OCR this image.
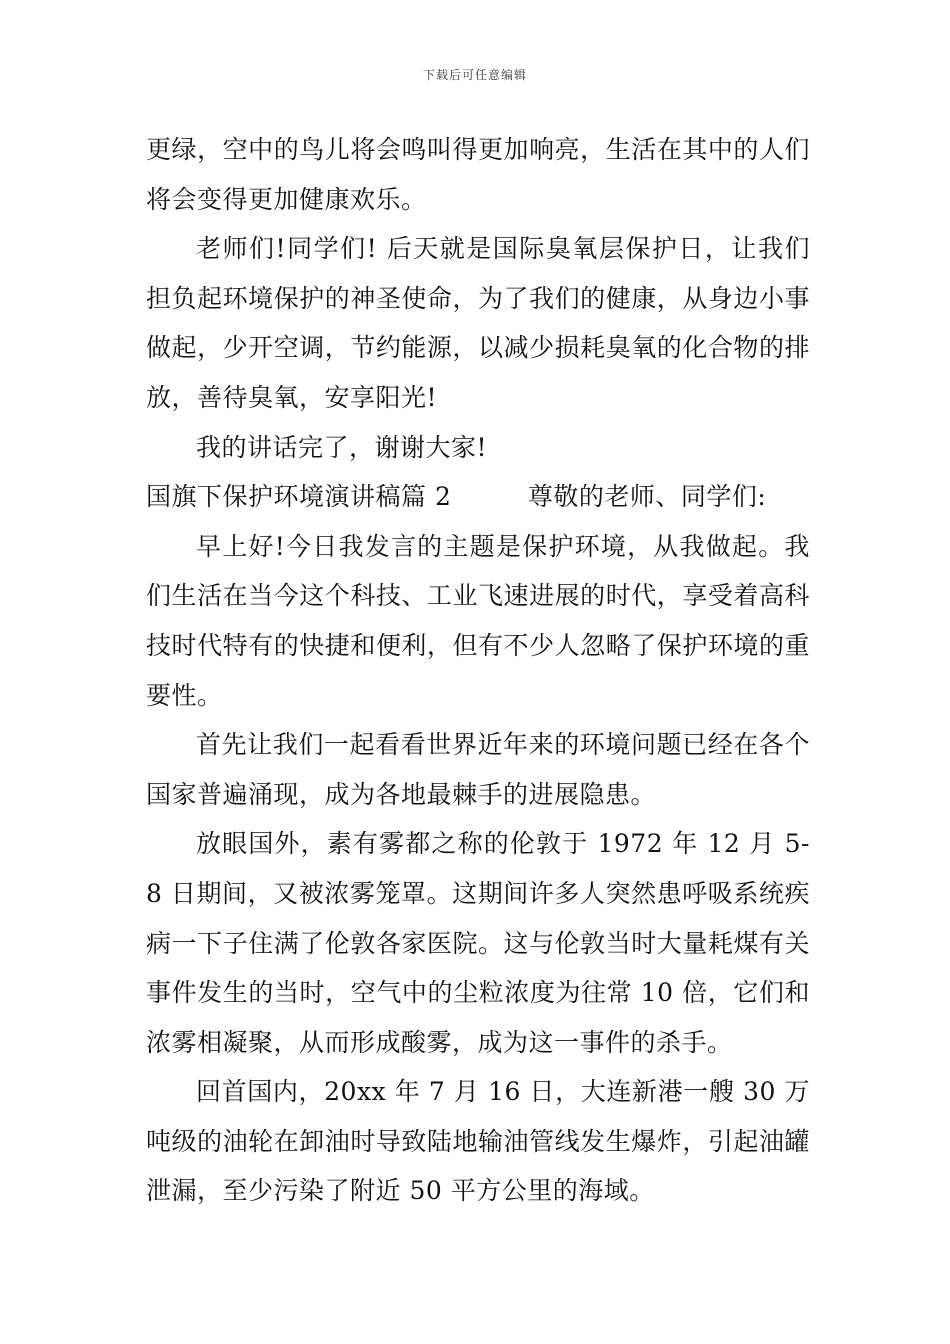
下载后可任意编辑

更绿，空中的鸟儿将会鸣叫得更加响亮，生活在其中的人们将会变得更加健康欢乐。

老师们!同学们! 后天就是国际臭氧层保护日，让我们担负起环境保护的神圣使命，为了我们的健康，从身边小事做起，少开空调，节约能源，以减少损耗臭氧的化合物的排放，善待臭氧，安享阳光!

我的讲话完了，谢谢大家!

国旗下保护环境演讲稿篇 2　　　尊敬的老师、同学们:

早上好!今日我发言的主题是保护环境，从我做起。我们生活在当今这个科技、工业飞速进展的时代，享受着高科技时代特有的快捷和便利，但有不少人忽略了保护环境的重要性。

首先让我们一起看看世界近年来的环境问题已经在各个国家普遍涌现，成为各地最棘手的进展隐患。

放眼国外，素有雾都之称的伦敦于 1972 年 12 月 5-8 日期间，又被浓雾笼罩。这期间许多人突然患呼吸系统疾病一下子住满了伦敦各家医院。这与伦敦当时大量耗煤有关事件发生的当时，空气中的尘粒浓度为往常 10 倍，它们和浓雾相凝聚，从而形成酸雾，成为这一事件的杀手。

回首国内，20xx 年 7 月 16 日，大连新港一艘 30 万吨级的油轮在卸油时导致陆地输油管线发生爆炸，引起油罐泄漏，至少污染了附近 50 平方公里的海域。
